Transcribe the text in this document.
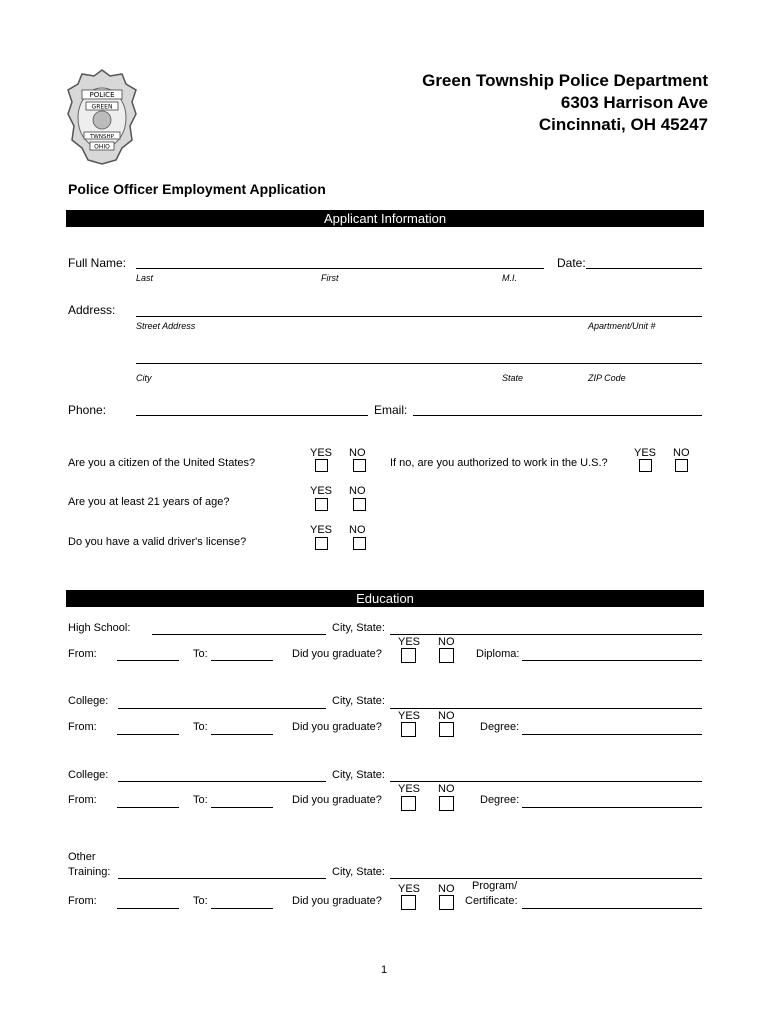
POLICE
GREEN
TWNSHP
OHIO
Green Township Police Department
6303 Harrison Ave
Cincinnati, OH 45247
Police Officer Employment Application
Applicant Information
Full Name:	Date:
Last	First	M.I.
Address:
Street Address	Apartment/Unit #
City	State	ZIP Code
Phone:	Email:
YES NO
Are you a citizen of the United States?
YES NO
If no, are you authorized to work in the U.S.?
YES NO
Are you at least 21 years of age?
YES NO
Do you have a valid driver's license?
Education
High School:	City, State:
YES NO
From:	To:	Did you graduate?	Diploma:
College:	City, State:
YES NO
From:	To:	Did you graduate?	Degree:
College:	City, State:
YES NO
From:	To:	Did you graduate?	Degree:
Other
Training:	City, State:
YES NO Program/
From:	To:	Did you graduate?	Certificate:
1
